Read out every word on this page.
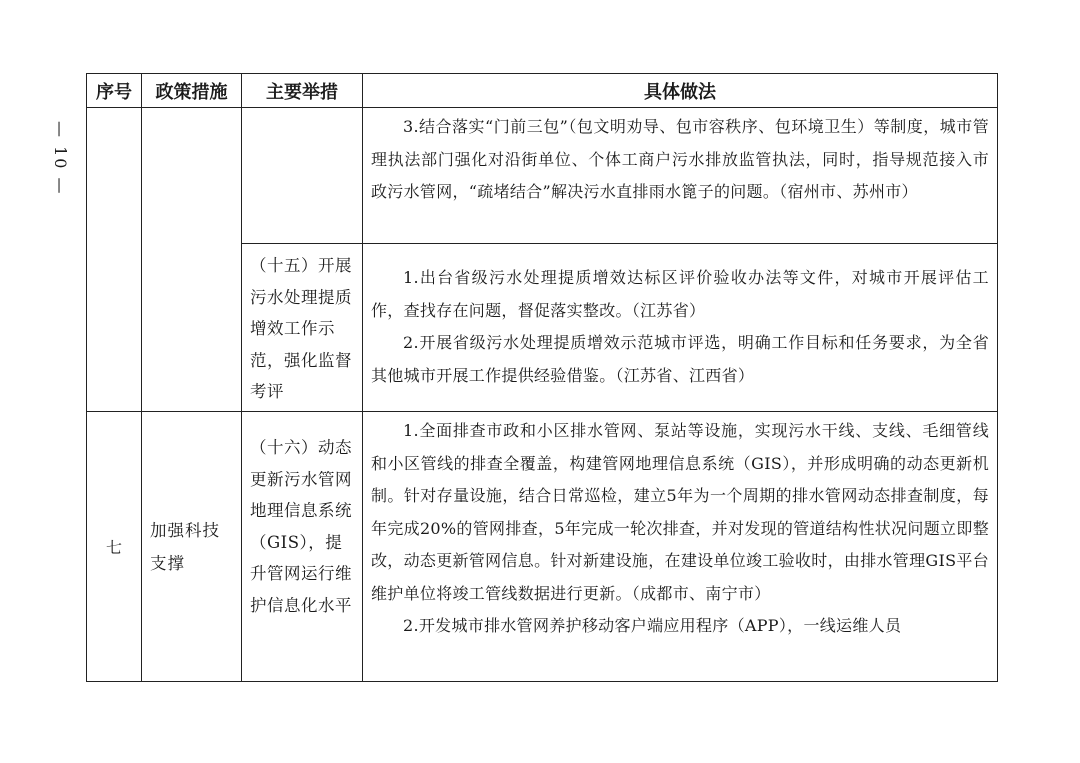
— 10 —
序号	政策措施	主要举措	具体做法

			3.结合落实“门前三包”（包文明劝导、包市容秩序、包环境卫生）等制度，城市管理执法部门强化对沿街单位、个体工商户污水排放监管执法，同时，指导规范接入市政污水管网，“疏堵结合”解决污水直排雨水篦子的问题。（宿州市、苏州市）

		（十五）开展污水处理提质增效工作示范，强化监督考评	1.出台省级污水处理提质增效达标区评价验收办法等文件，对城市开展评估工作，查找存在问题，督促落实整改。（江苏省）

2.开展省级污水处理提质增效示范城市评选，明确工作目标和任务要求，为全省其他城市开展工作提供经验借鉴。（江苏省、江西省）

七	加强科技支撑	（十六）动态更新污水管网地理信息系统（GIS），提升管网运行维护信息化水平	1.全面排查市政和小区排水管网、泵站等设施，实现污水干线、支线、毛细管线和小区管线的排查全覆盖，构建管网地理信息系统（GIS），并形成明确的动态更新机制。针对存量设施，结合日常巡检，建立5年为一个周期的排水管网动态排查制度，每年完成20%的管网排查，5年完成一轮次排查，并对发现的管道结构性状况问题立即整改，动态更新管网信息。针对新建设施，在建设单位竣工验收时，由排水管理GIS平台维护单位将竣工管线数据进行更新。（成都市、南宁市）

2.开发城市排水管网养护移动客户端应用程序（APP），一线运维人员
